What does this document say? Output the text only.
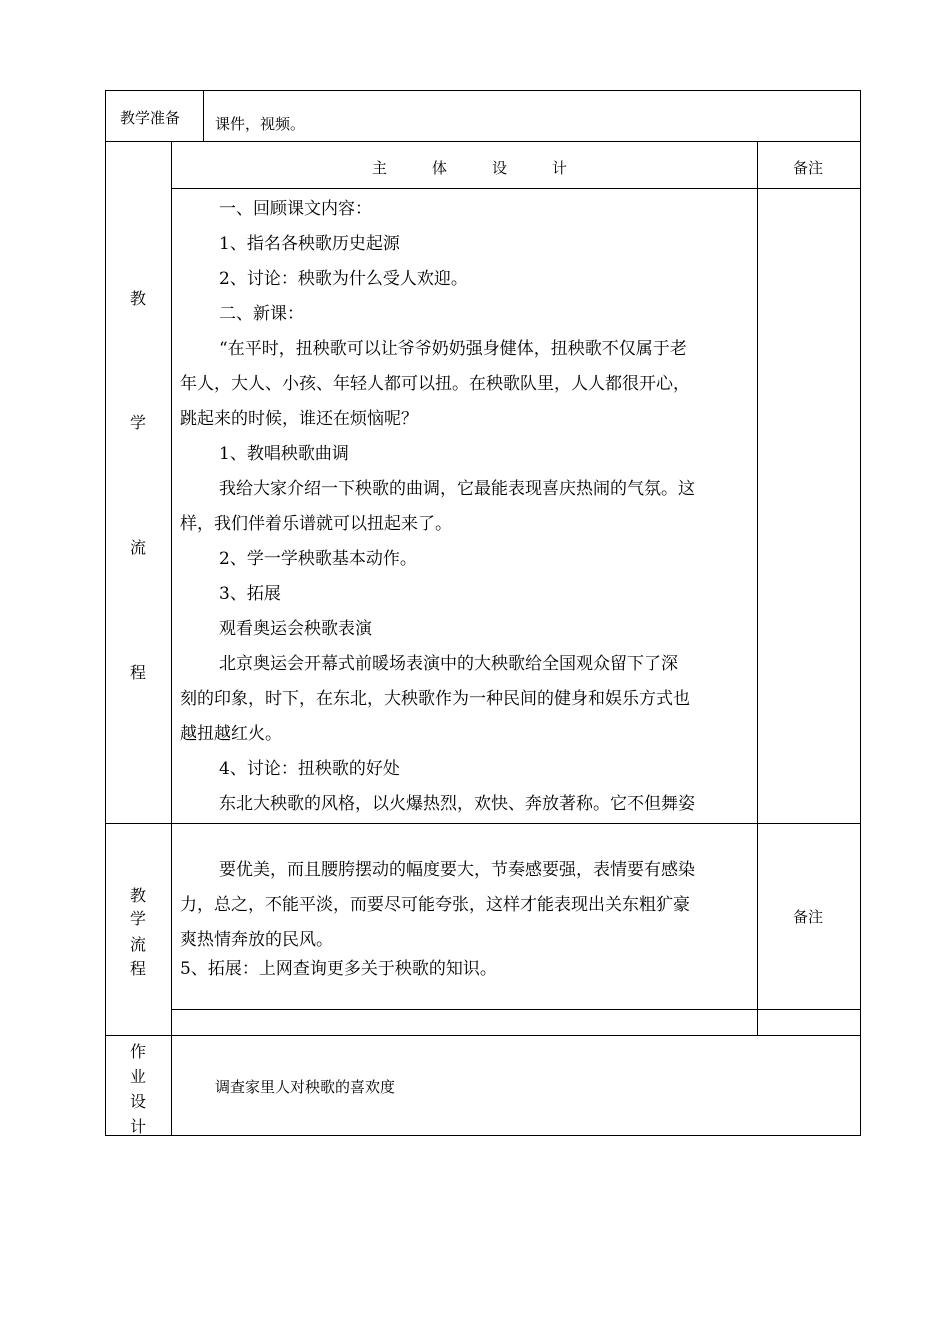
教学准备 课件，视频。
主　　　体　　　设　　　计	备注
教
学
流
程
一、回顾课文内容：
1、指名各秧歌历史起源
2、讨论：秧歌为什么受人欢迎。
二、新课：
“在平时，扭秧歌可以让爷爷奶奶强身健体，扭秧歌不仅属于老
年人，大人、小孩、年轻人都可以扭。在秧歌队里，人人都很开心，
跳起来的时候，谁还在烦恼呢？
1、教唱秧歌曲调
我给大家介绍一下秧歌的曲调，它最能表现喜庆热闹的气氛。这
样，我们伴着乐谱就可以扭起来了。
2、学一学秧歌基本动作。
3、拓展
观看奥运会秧歌表演
北京奥运会开幕式前暖场表演中的大秧歌给全国观众留下了深
刻的印象，时下，在东北，大秧歌作为一种民间的健身和娱乐方式也
越扭越红火。
4、讨论：扭秧歌的好处
东北大秧歌的风格，以火爆热烈，欢快、奔放著称。它不但舞姿
教
学
流
程
要优美，而且腰胯摆动的幅度要大，节奏感要强，表情要有感染
力，总之，不能平淡，而要尽可能夸张，这样才能表现出关东粗犷豪
爽热情奔放的民风。
5、拓展：上网查询更多关于秧歌的知识。
备注
作
业
设
计
调查家里人对秧歌的喜欢度
